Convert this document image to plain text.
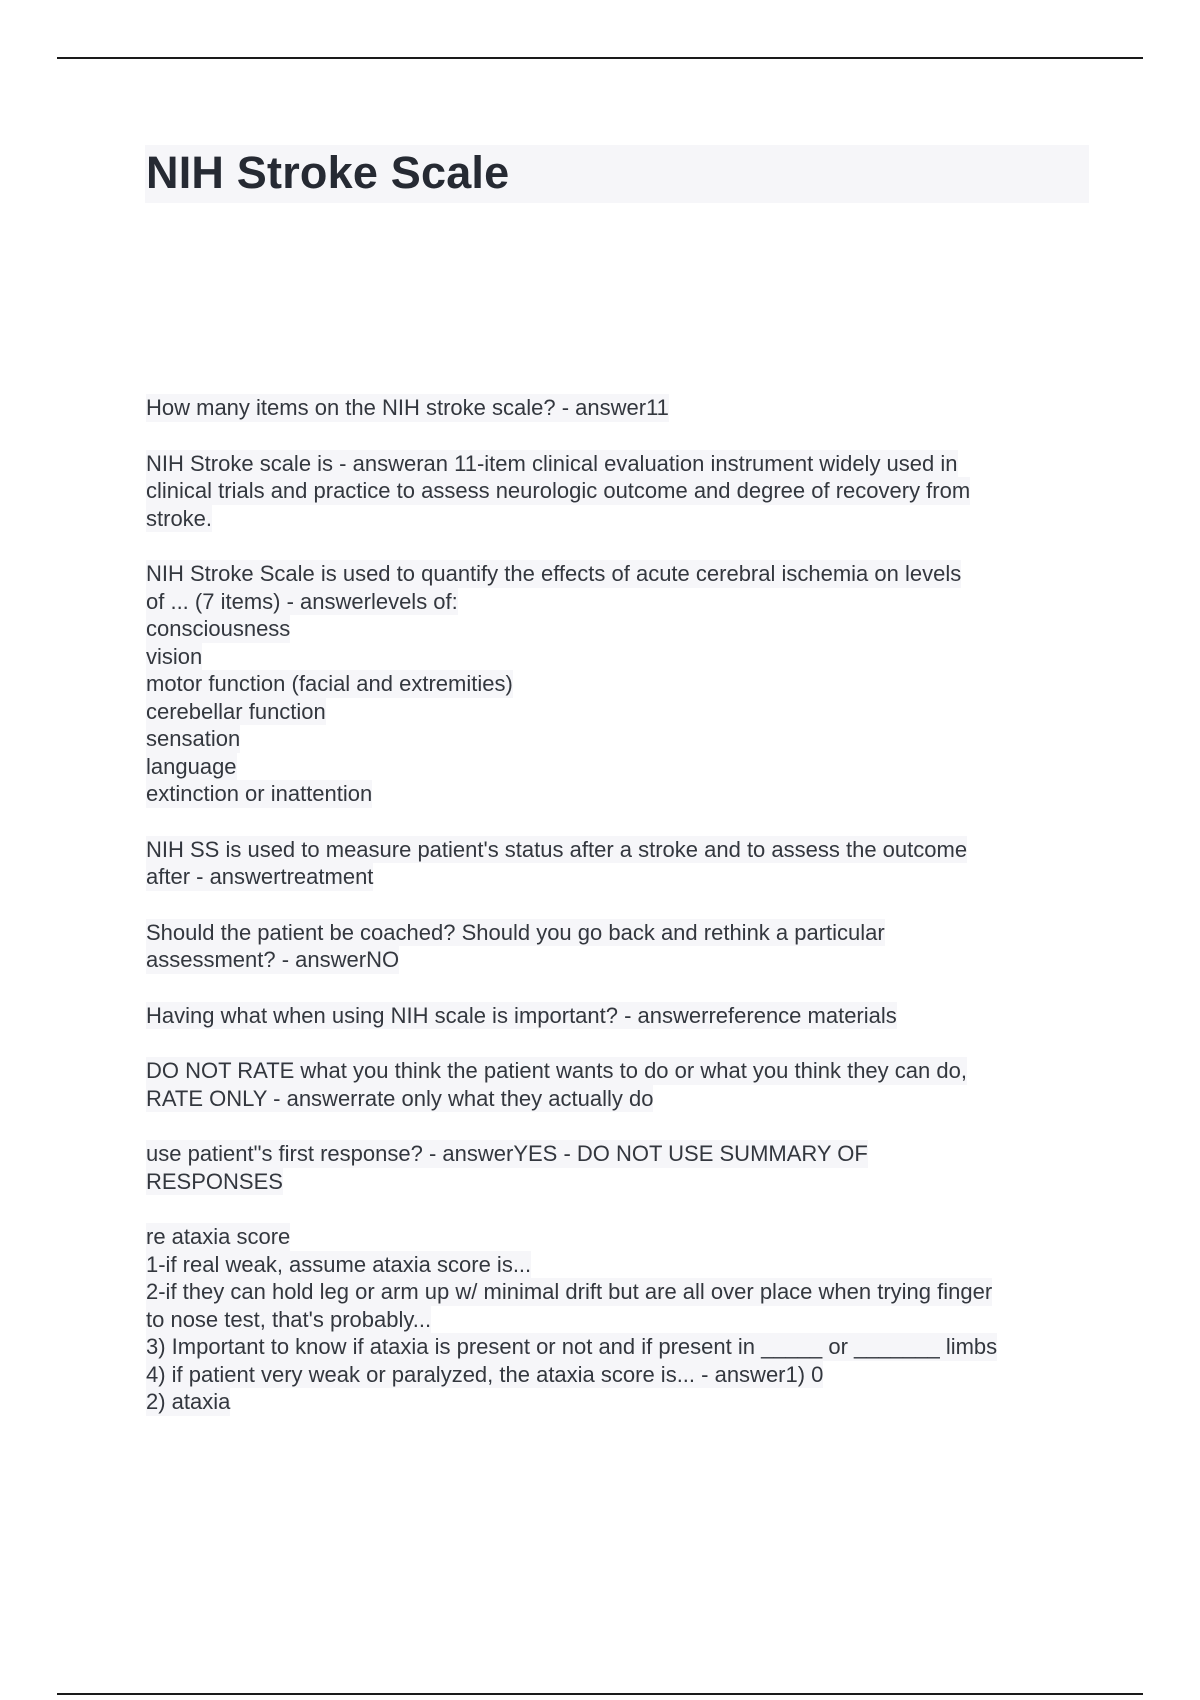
NIH Stroke Scale
How many items on the NIH stroke scale? - answer11
NIH Stroke scale is - answeran 11-item clinical evaluation instrument widely used in
clinical trials and practice to assess neurologic outcome and degree of recovery from
stroke.
NIH Stroke Scale is used to quantify the effects of acute cerebral ischemia on levels
of ... (7 items) - answerlevels of:
consciousness
vision
motor function (facial and extremities)
cerebellar function
sensation
language
extinction or inattention
NIH SS is used to measure patient's status after a stroke and to assess the outcome
after - answertreatment
Should the patient be coached? Should you go back and rethink a particular
assessment? - answerNO
Having what when using NIH scale is important? - answerreference materials
DO NOT RATE what you think the patient wants to do or what you think they can do,
RATE ONLY - answerrate only what they actually do
use patient"s first response? - answerYES - DO NOT USE SUMMARY OF
RESPONSES
re ataxia score
1-if real weak, assume ataxia score is...
2-if they can hold leg or arm up w/ minimal drift but are all over place when trying finger
to nose test, that's probably...
3) Important to know if ataxia is present or not and if present in _____ or _______ limbs
4) if patient very weak or paralyzed, the ataxia score is... - answer1) 0
2) ataxia
